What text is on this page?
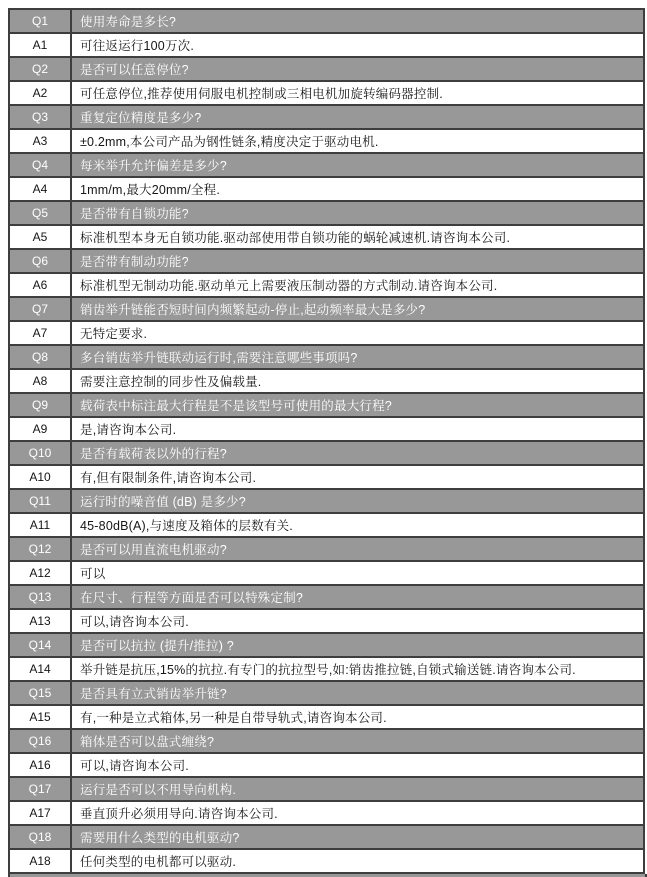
Q1	使用寿命是多长?
A1	可往返运行100万次.
Q2	是否可以任意停位?
A2	可任意停位,推荐使用伺服电机控制或三相电机加旋转编码器控制.
Q3	重复定位精度是多少?
A3	±0.2mm,本公司产品为钢性链条,精度决定于驱动电机.
Q4	每米举升允许偏差是多少?
A4	1mm/m,最大20mm/全程.
Q5	是否带有自锁功能?
A5	标准机型本身无自锁功能.驱动部使用带自锁功能的蜗轮减速机.请咨询本公司.
Q6	是否带有制动功能?
A6	标准机型无制动功能.驱动单元上需要液压制动器的方式制动.请咨询本公司.
Q7	销齿举升链能否短时间内频繁起动-停止,起动频率最大是多少?
A7	无特定要求.
Q8	多台销齿举升链联动运行时,需要注意哪些事项吗?
A8	需要注意控制的同步性及偏载量.
Q9	载荷表中标注最大行程是不是该型号可使用的最大行程?
A9	是,请咨询本公司.
Q10	是否有载荷表以外的行程?
A10	有,但有限制条件,请咨询本公司.
Q11	运行时的噪音值 (dB) 是多少?
A11	45-80dB(A),与速度及箱体的层数有关.
Q12	是否可以用直流电机驱动?
A12	可以
Q13	在尺寸、行程等方面是否可以特殊定制?
A13	可以,请咨询本公司.
Q14	是否可以抗拉 (提升/推拉) ?
A14	举升链是抗压,15%的抗拉.有专门的抗拉型号,如:销齿推拉链,自锁式输送链.请咨询本公司.
Q15	是否具有立式销齿举升链?
A15	有,一种是立式箱体,另一种是自带导轨式,请咨询本公司.
Q16	箱体是否可以盘式缠绕?
A16	可以,请咨询本公司.
Q17	运行是否可以不用导向机构.
A17	垂直顶升必须用导向.请咨询本公司.
Q18	需要用什么类型的电机驱动?
A18	任何类型的电机都可以驱动.
